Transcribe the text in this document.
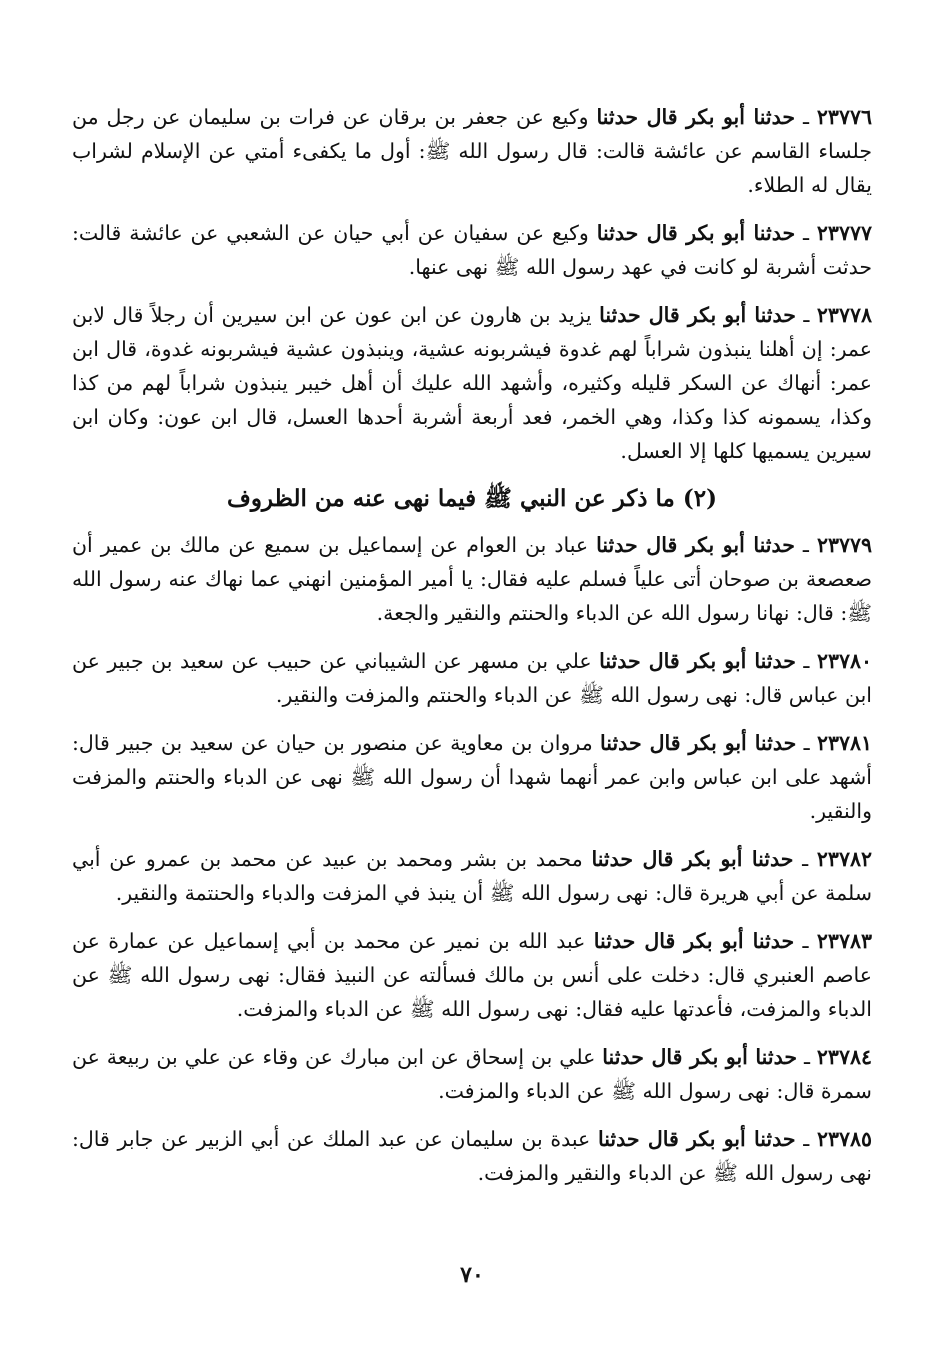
٢٣٧٧٦ ـ حدثنا أبو بكر قال حدثنا وكيع عن جعفر بن برقان عن فرات بن سليمان عن رجل من جلساء القاسم عن عائشة قالت: قال رسول الله ﷺ: أول ما يكفىء أمتي عن الإسلام لشراب يقال له الطلاء.

٢٣٧٧٧ ـ حدثنا أبو بكر قال حدثنا وكيع عن سفيان عن أبي حيان عن الشعبي عن عائشة قالت: حدثت أشربة لو كانت في عهد رسول الله ﷺ نهى عنها.

٢٣٧٧٨ ـ حدثنا أبو بكر قال حدثنا يزيد بن هارون عن ابن عون عن ابن سيرين أن رجلاً قال لابن عمر: إن أهلنا ينبذون شراباً لهم غدوة فيشربونه عشية، وينبذون عشية فيشربونه غدوة، قال ابن عمر: أنهاك عن السكر قليله وكثيره، وأشهد الله عليك أن أهل خيبر ينبذون شراباً لهم من كذا وكذا، يسمونه كذا وكذا، وهي الخمر، فعد أربعة أشربة أحدها العسل، قال ابن عون: وكان ابن سيرين يسميها كلها إلا العسل.

(٢) ما ذكر عن النبي ﷺ فيما نهى عنه من الظروف

٢٣٧٧٩ ـ حدثنا أبو بكر قال حدثنا عباد بن العوام عن إسماعيل بن سميع عن مالك بن عمير أن صعصعة بن صوحان أتى علياً فسلم عليه فقال: يا أمير المؤمنين انهني عما نهاك عنه رسول الله ﷺ: قال: نهانا رسول الله عن الدباء والحنتم والنقير والجعة.

٢٣٧٨٠ ـ حدثنا أبو بكر قال حدثنا علي بن مسهر عن الشيباني عن حبيب عن سعيد بن جبير عن ابن عباس قال: نهى رسول الله ﷺ عن الدباء والحنتم والمزفت والنقير.

٢٣٧٨١ ـ حدثنا أبو بكر قال حدثنا مروان بن معاوية عن منصور بن حيان عن سعيد بن جبير قال: أشهد على ابن عباس وابن عمر أنهما شهدا أن رسول الله ﷺ نهى عن الدباء والحنتم والمزفت والنقير.

٢٣٧٨٢ ـ حدثنا أبو بكر قال حدثنا محمد بن بشر ومحمد بن عبيد عن محمد بن عمرو عن أبي سلمة عن أبي هريرة قال: نهى رسول الله ﷺ أن ينبذ في المزفت والدباء والحنتمة والنقير.

٢٣٧٨٣ ـ حدثنا أبو بكر قال حدثنا عبد الله بن نمير عن محمد بن أبي إسماعيل عن عمارة عن عاصم العنبري قال: دخلت على أنس بن مالك فسألته عن النبيذ فقال: نهى رسول الله ﷺ عن الدباء والمزفت، فأعدتها عليه فقال: نهى رسول الله ﷺ عن الدباء والمزفت.

٢٣٧٨٤ ـ حدثنا أبو بكر قال حدثنا علي بن إسحاق عن ابن مبارك عن وقاء عن علي بن ربيعة عن سمرة قال: نهى رسول الله ﷺ عن الدباء والمزفت.

٢٣٧٨٥ ـ حدثنا أبو بكر قال حدثنا عبدة بن سليمان عن عبد الملك عن أبي الزبير عن جابر قال: نهى رسول الله ﷺ عن الدباء والنقير والمزفت.

٧٠
